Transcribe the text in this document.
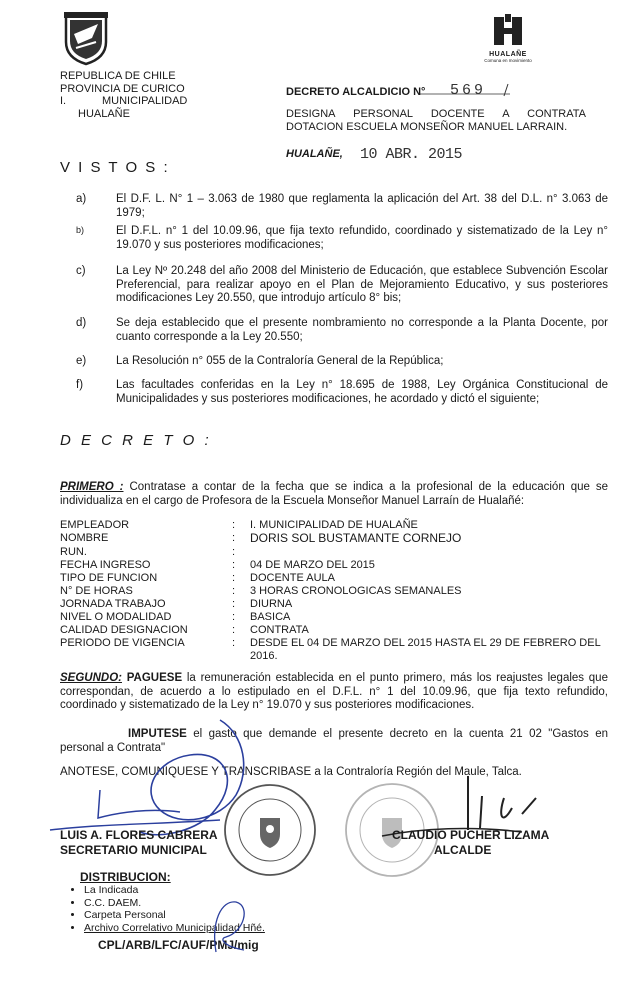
REPUBLICA DE CHILE
PROVINCIA DE CURICO
I.	MUNICIPALIDAD
HUALAÑE
HUALAÑE
Comuna en movimiento
DECRETO ALCALDICIO N° 569
DESIGNA PERSONAL DOCENTE A CONTRATA
DOTACION ESCUELA MONSEÑOR MANUEL LARRAIN.
HUALAÑE, 10 ABR. 2015
V I S T O S :
a)	El D.F. L. N° 1 – 3.063 de 1980 que reglamenta la aplicación del Art. 38 del D.L. n° 3.063 de 1979;
b)	El D.F.L. n° 1 del 10.09.96, que fija texto refundido, coordinado y sistematizado de la Ley n° 19.070 y sus posteriores modificaciones;
c)	La Ley Nº 20.248 del año 2008 del Ministerio de Educación, que establece Subvención Escolar Preferencial, para realizar apoyo en el Plan de Mejoramiento Educativo, y sus posteriores modificaciones Ley 20.550, que introdujo artículo 8° bis;
d)	Se deja establecido que el presente nombramiento no corresponde a la Planta Docente, por cuanto corresponde a la Ley 20.550;
e)	La Resolución n° 055 de la Contraloría General de la República;
f)	Las facultades conferidas en la Ley n° 18.695 de 1988, Ley Orgánica Constitucional de Municipalidades y sus posteriores modificaciones, he acordado y dictó el siguiente;
D E C R E T O :
PRIMERO : Contratase a contar de la fecha que se indica a la profesional de la educación que se individualiza en el cargo de Profesora de la Escuela Monseñor Manuel Larraín de Hualañé:
EMPLEADOR	: I. MUNICIPALIDAD DE HUALAÑE
NOMBRE	: DORIS SOL BUSTAMANTE CORNEJO
RUN.	:
FECHA INGRESO	: 04 DE MARZO DEL 2015
TIPO DE FUNCION	: DOCENTE AULA
N° DE HORAS	: 3 HORAS CRONOLOGICAS SEMANALES
JORNADA TRABAJO	: DIURNA
NIVEL O MODALIDAD	: BASICA
CALIDAD DESIGNACION	: CONTRATA
PERIODO DE VIGENCIA	: DESDE EL 04 DE MARZO DEL 2015 HASTA EL 29 DE FEBRERO DEL 2016.
SEGUNDO: PAGUESE la remuneración establecida en el punto primero, más los reajustes legales que correspondan, de acuerdo a lo estipulado en el D.F.L. n° 1 del 10.09.96, que fija texto refundido, coordinado y sistematizado de la Ley n° 19.070 y sus posteriores modificaciones.
IMPUTESE el gasto que demande el presente decreto en la cuenta 21 02 "Gastos en personal a Contrata"
ANOTESE, COMUNIQUESE Y TRANSCRIBASE a la Contraloría Región del Maule, Talca.
LUIS A. FLORES CABRERA
SECRETARIO MUNICIPAL
CLAUDIO PUCHER LIZAMA
ALCALDE
DISTRIBUCION:
• La Indicada
• C.C. DAEM.
• Carpeta Personal
• Archivo Correlativo Municipalidad Hñé.
CPL/ARB/LFC/AUF/PMJ/mig
